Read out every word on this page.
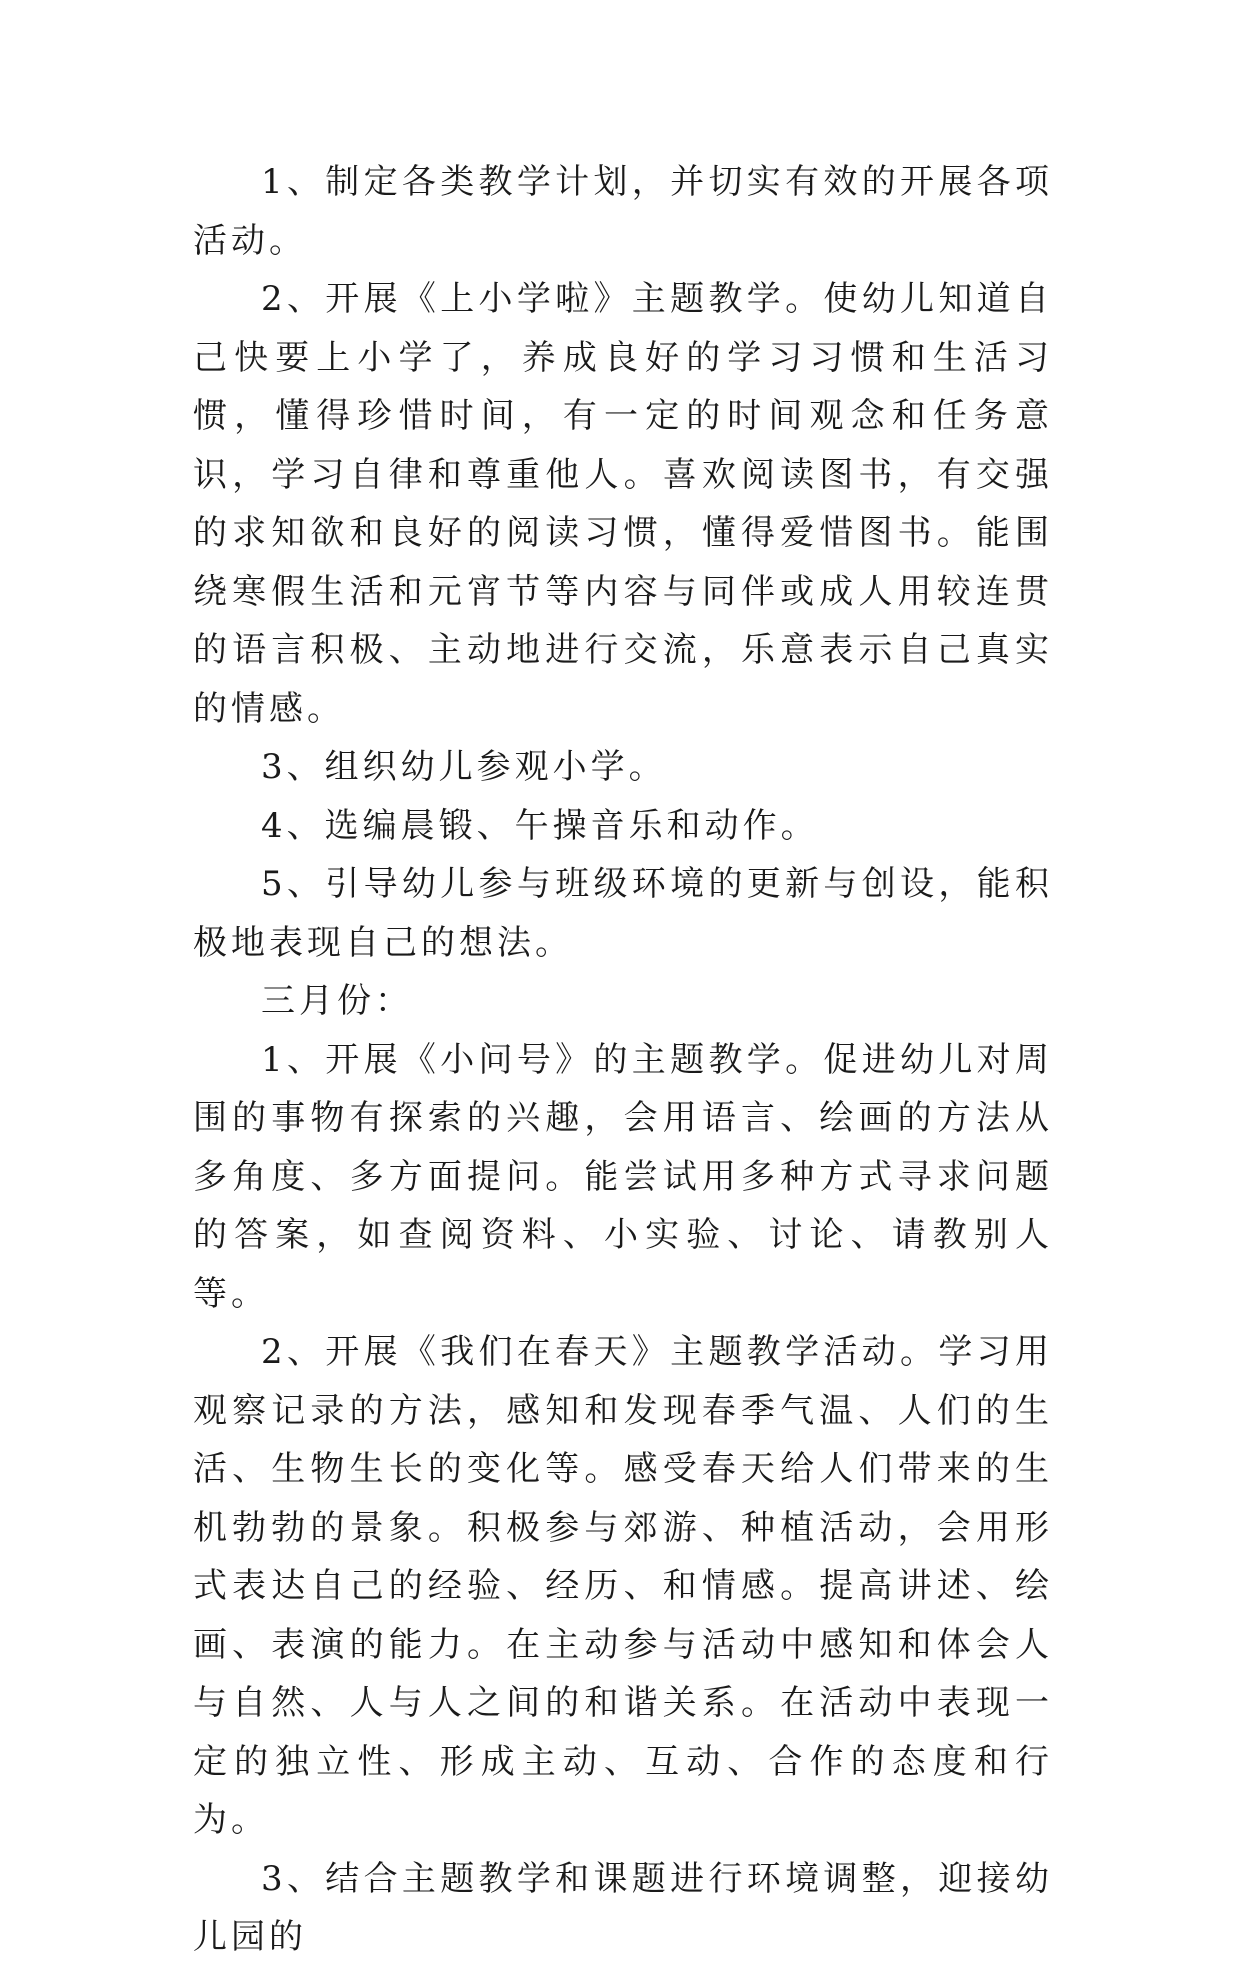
1、制定各类教学计划，并切实有效的开展各项活动。

2、开展《上小学啦》主题教学。使幼儿知道自己快要上小学了，养成良好的学习习惯和生活习惯，懂得珍惜时间，有一定的时间观念和任务意识，学习自律和尊重他人。喜欢阅读图书，有交强的求知欲和良好的阅读习惯，懂得爱惜图书。能围绕寒假生活和元宵节等内容与同伴或成人用较连贯的语言积极、主动地进行交流，乐意表示自己真实的情感。

3、组织幼儿参观小学。

4、选编晨锻、午操音乐和动作。

5、引导幼儿参与班级环境的更新与创设，能积极地表现自己的想法。

三月份：

1、开展《小问号》的主题教学。促进幼儿对周围的事物有探索的兴趣，会用语言、绘画的方法从多角度、多方面提问。能尝试用多种方式寻求问题的答案，如查阅资料、小实验、讨论、请教别人等。

2、开展《我们在春天》主题教学活动。学习用观察记录的方法，感知和发现春季气温、人们的生活、生物生长的变化等。感受春天给人们带来的生机勃勃的景象。积极参与郊游、种植活动，会用形式表达自己的经验、经历、和情感。提高讲述、绘画、表演的能力。在主动参与活动中感知和体会人与自然、人与人之间的和谐关系。在活动中表现一定的独立性、形成主动、互动、合作的态度和行为。

3、结合主题教学和课题进行环境调整，迎接幼儿园的
